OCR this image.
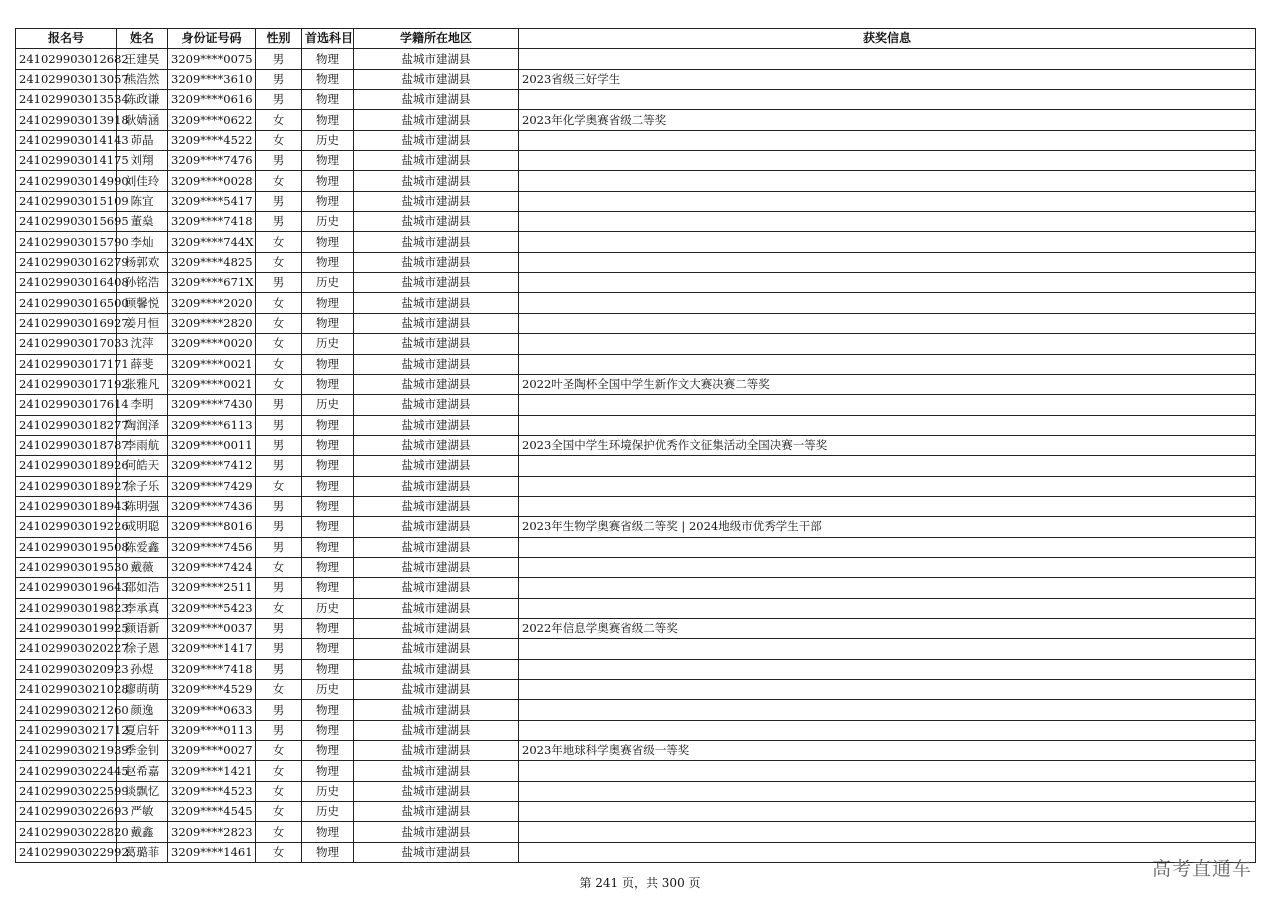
报名号	姓名	身份证号码	性别	首选科目	学籍所在地区	获奖信息
241029903012682	王建昊	3209****0075	男	物理	盐城市建湖县	
241029903013057	熊浩然	3209****3610	男	物理	盐城市建湖县	2023省级三好学生
241029903013534	陈政谦	3209****0616	男	物理	盐城市建湖县	
241029903013918	耿婧涵	3209****0622	女	物理	盐城市建湖县	2023年化学奥赛省级二等奖
241029903014143	茆晶	3209****4522	女	历史	盐城市建湖县	
241029903014175	刘翔	3209****7476	男	物理	盐城市建湖县	
241029903014990	刘佳玲	3209****0028	女	物理	盐城市建湖县	
241029903015109	陈宜	3209****5417	男	物理	盐城市建湖县	
241029903015695	董燊	3209****7418	男	历史	盐城市建湖县	
241029903015790	李灿	3209****744X	女	物理	盐城市建湖县	
241029903016279	杨郭欢	3209****4825	女	物理	盐城市建湖县	
241029903016408	孙铭浩	3209****671X	男	历史	盐城市建湖县	
241029903016500	顾馨悦	3209****2020	女	物理	盐城市建湖县	
241029903016927	姜月恒	3209****2820	女	物理	盐城市建湖县	
241029903017033	沈萍	3209****0020	女	历史	盐城市建湖县	
241029903017171	薛斐	3209****0021	女	物理	盐城市建湖县	
241029903017192	张雅凡	3209****0021	女	物理	盐城市建湖县	2022叶圣陶杯全国中学生新作文大赛决赛二等奖
241029903017614	李明	3209****7430	男	历史	盐城市建湖县	
241029903018277	陶润泽	3209****6113	男	物理	盐城市建湖县	
241029903018787	李雨航	3209****0011	男	物理	盐城市建湖县	2023全国中学生环境保护优秀作文征集活动全国决赛一等奖
241029903018926	何皓天	3209****7412	男	物理	盐城市建湖县	
241029903018927	徐子乐	3209****7429	女	物理	盐城市建湖县	
241029903018943	陈明强	3209****7436	男	物理	盐城市建湖县	
241029903019226	成明聪	3209****8016	男	物理	盐城市建湖县	2023年生物学奥赛省级二等奖 | 2024地级市优秀学生干部
241029903019508	陈爱鑫	3209****7456	男	物理	盐城市建湖县	
241029903019530	戴薇	3209****7424	女	物理	盐城市建湖县	
241029903019643	邵如浩	3209****2511	男	物理	盐城市建湖县	
241029903019823	李承真	3209****5423	女	历史	盐城市建湖县	
241029903019925	颜语新	3209****0037	男	物理	盐城市建湖县	2022年信息学奥赛省级二等奖
241029903020227	徐子恩	3209****1417	男	物理	盐城市建湖县	
241029903020923	孙煜	3209****7418	男	物理	盐城市建湖县	
241029903021028	廖萌萌	3209****4529	女	历史	盐城市建湖县	
241029903021260	颜逸	3209****0633	男	物理	盐城市建湖县	
241029903021712	夏启轩	3209****0113	男	物理	盐城市建湖县	
241029903021939	季金钊	3209****0027	女	物理	盐城市建湖县	2023年地球科学奥赛省级一等奖
241029903022445	赵希嘉	3209****1421	女	物理	盐城市建湖县	
241029903022599	谈飘忆	3209****4523	女	历史	盐城市建湖县	
241029903022693	严敏	3209****4545	女	历史	盐城市建湖县	
241029903022820	戴鑫	3209****2823	女	物理	盐城市建湖县	
241029903022992	葛璐菲	3209****1461	女	物理	盐城市建湖县	
第 241 页，共 300 页
高考直通车
